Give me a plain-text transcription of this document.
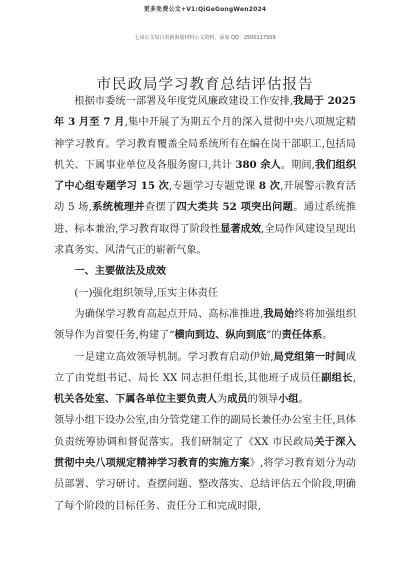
更多免费公文+V1:QiGeGongWen2024
七哥公文每日更新海量材料公文资料，添加 QQ：2500117509
市民政局学习教育总结评估报告

根据市委统一部署及年度党风廉政建设工作安排,我局于 2025 年 3 月至 7 月,集中开展了为期五个月的深入贯彻中央八项规定精神学习教育。学习教育覆盖全局系统所有在编在岗干部职工,包括局机关、下属事业单位及各服务窗口,共计 380 余人。期间,我们组织了中心组专题学习 15 次,专题学习专题党课 8 次,开展警示教育活动 5 场,系统梳理并查摆了四大类共 52 项突出问题。通过系统推进、标本兼治,学习教育取得了阶段性显著成效,全局作风建设呈现出求真务实、风清气正的崭新气象。

一、主要做法及成效

(一)强化组织领导,压实主体责任

为确保学习教育高起点开局、高标准推进,我局始终将加强组织领导作为首要任务,构建了“横向到边、纵向到底”的责任体系。

一是建立高效领导机制。学习教育启动伊始,局党组第一时间成立了由党组书记、局长 XX 同志担任组长,其他班子成员任副组长,机关各处室、下属各单位主要负责人为成员的领导小组。

领导小组下设办公室,由分管党建工作的副局长兼任办公室主任,具体负责统筹协调和督促落实。我们研制定了《XX 市民政局关于深入贯彻中央八项规定精神学习教育的实施方案》,将学习教育划分为动员部署、学习研讨、查摆问题、整改落实、总结评估五个阶段,明确了每个阶段的目标任务、责任分工和完成时限,
